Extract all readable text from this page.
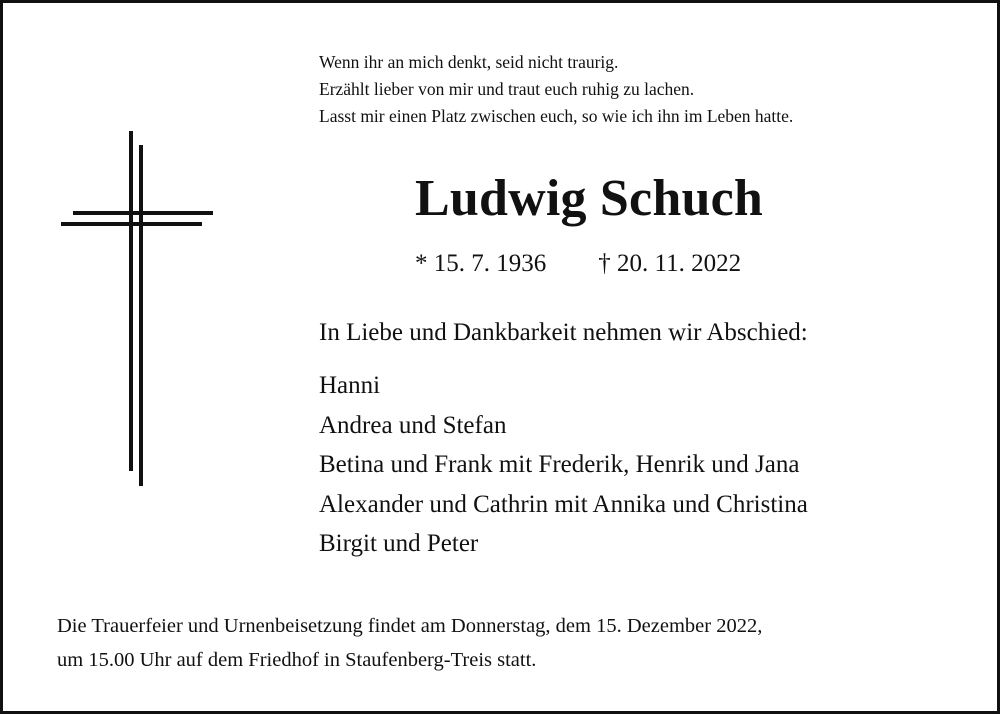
Wenn ihr an mich denkt, seid nicht traurig.
Erzählt lieber von mir und traut euch ruhig zu lachen.
Lasst mir einen Platz zwischen euch, so wie ich ihn im Leben hatte.
Ludwig Schuch
* 15. 7. 1936 † 20. 11. 2022
In Liebe und Dankbarkeit nehmen wir Abschied:
Hanni
Andrea und Stefan
Betina und Frank mit Frederik, Henrik und Jana
Alexander und Cathrin mit Annika und Christina
Birgit und Peter
Die Trauerfeier und Urnenbeisetzung findet am Donnerstag, dem 15. Dezember 2022,
um 15.00 Uhr auf dem Friedhof in Staufenberg-Treis statt.
